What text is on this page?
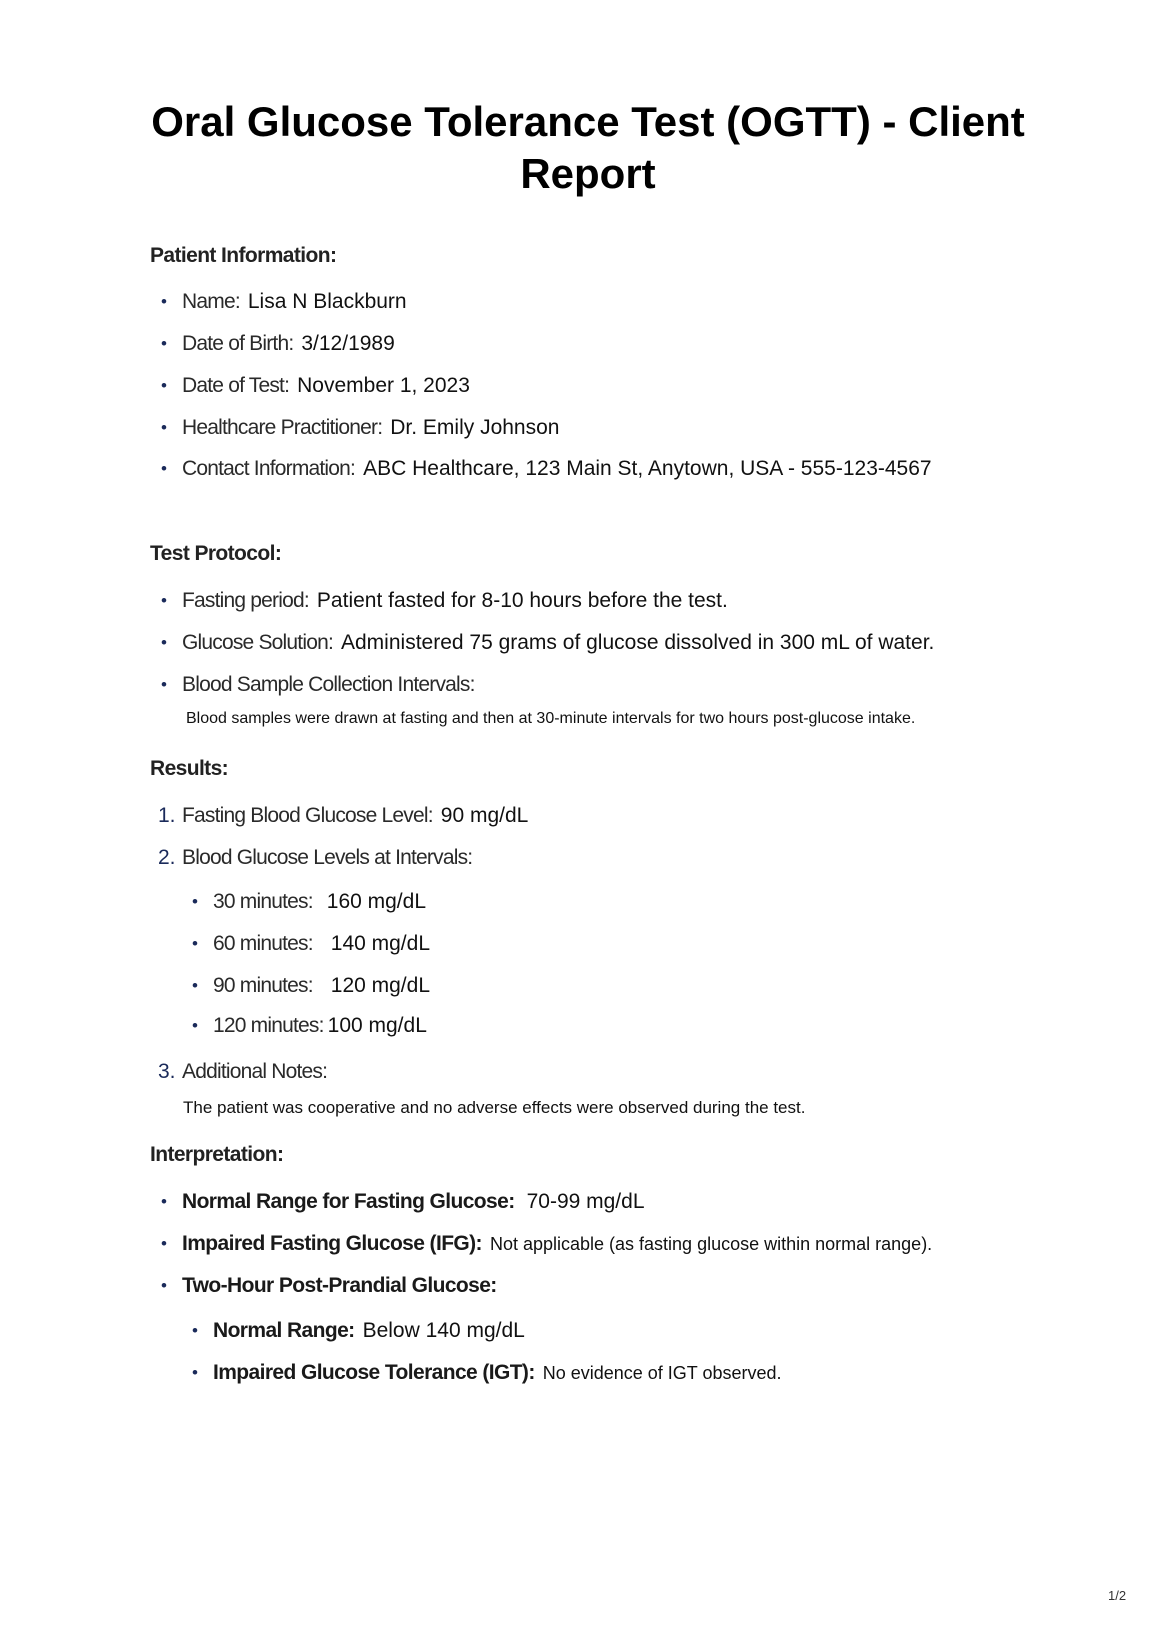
Oral Glucose Tolerance Test (OGTT) - Client Report
Patient Information:
• Name: Lisa N Blackburn
• Date of Birth: 3/12/1989
• Date of Test: November 1, 2023
• Healthcare Practitioner: Dr. Emily Johnson
• Contact Information: ABC Healthcare, 123 Main St, Anytown, USA - 555-123-4567
Test Protocol:
• Fasting period: Patient fasted for 8-10 hours before the test.
• Glucose Solution: Administered 75 grams of glucose dissolved in 300 mL of water.
• Blood Sample Collection Intervals:
Blood samples were drawn at fasting and then at 30-minute intervals for two hours post-glucose intake.
Results:
1. Fasting Blood Glucose Level: 90 mg/dL
2. Blood Glucose Levels at Intervals:
• 30 minutes: 160 mg/dL
• 60 minutes: 140 mg/dL
• 90 minutes: 120 mg/dL
• 120 minutes: 100 mg/dL
3. Additional Notes:
The patient was cooperative and no adverse effects were observed during the test.
Interpretation:
• Normal Range for Fasting Glucose: 70-99 mg/dL
• Impaired Fasting Glucose (IFG): Not applicable (as fasting glucose within normal range).
• Two-Hour Post-Prandial Glucose:
• Normal Range: Below 140 mg/dL
• Impaired Glucose Tolerance (IGT): No evidence of IGT observed.
1/2
